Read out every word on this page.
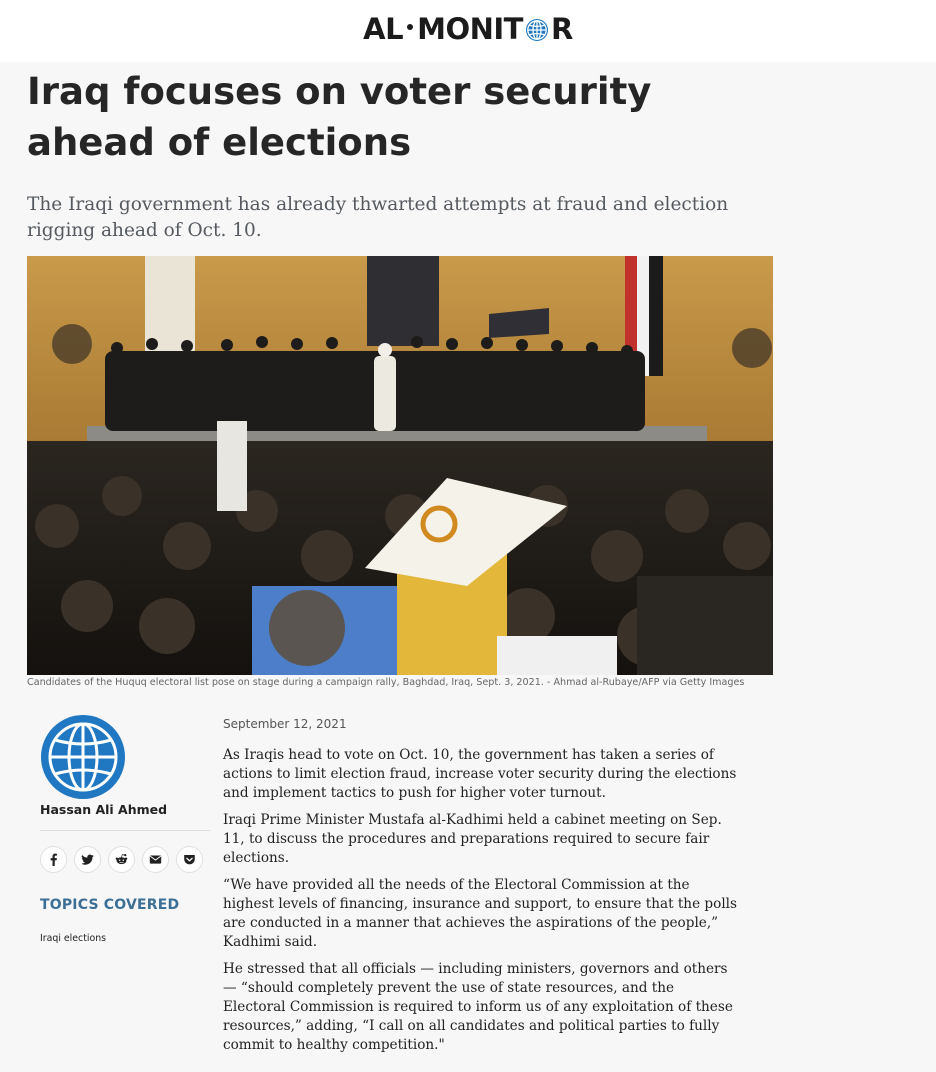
AL MONIT R
Iraq focuses on voter security ahead of elections

The Iraqi government has already thwarted attempts at fraud and election rigging ahead of Oct. 10.

Candidates of the Huquq electoral list pose on stage during a campaign rally, Baghdad, Iraq, Sept. 3, 2021. - Ahmad al-Rubaye/AFP via Getty Images
Hassan Ali Ahmed
TOPICS COVERED
Iraqi elections
September 12, 2021

As Iraqis head to vote on Oct. 10, the government has taken a series of actions to limit election fraud, increase voter security during the elections and implement tactics to push for higher voter turnout.

Iraqi Prime Minister Mustafa al-Kadhimi held a cabinet meeting on Sep. 11, to discuss the procedures and preparations required to secure fair elections.

“We have provided all the needs of the Electoral Commission at the highest levels of financing, insurance and support, to ensure that the polls are conducted in a manner that achieves the aspirations of the people,” Kadhimi said.

He stressed that all officials — including ministers, governors and others — “should completely prevent the use of state resources, and the Electoral Commission is required to inform us of any exploitation of these resources,” adding, “I call on all candidates and political parties to fully commit to healthy competition."
